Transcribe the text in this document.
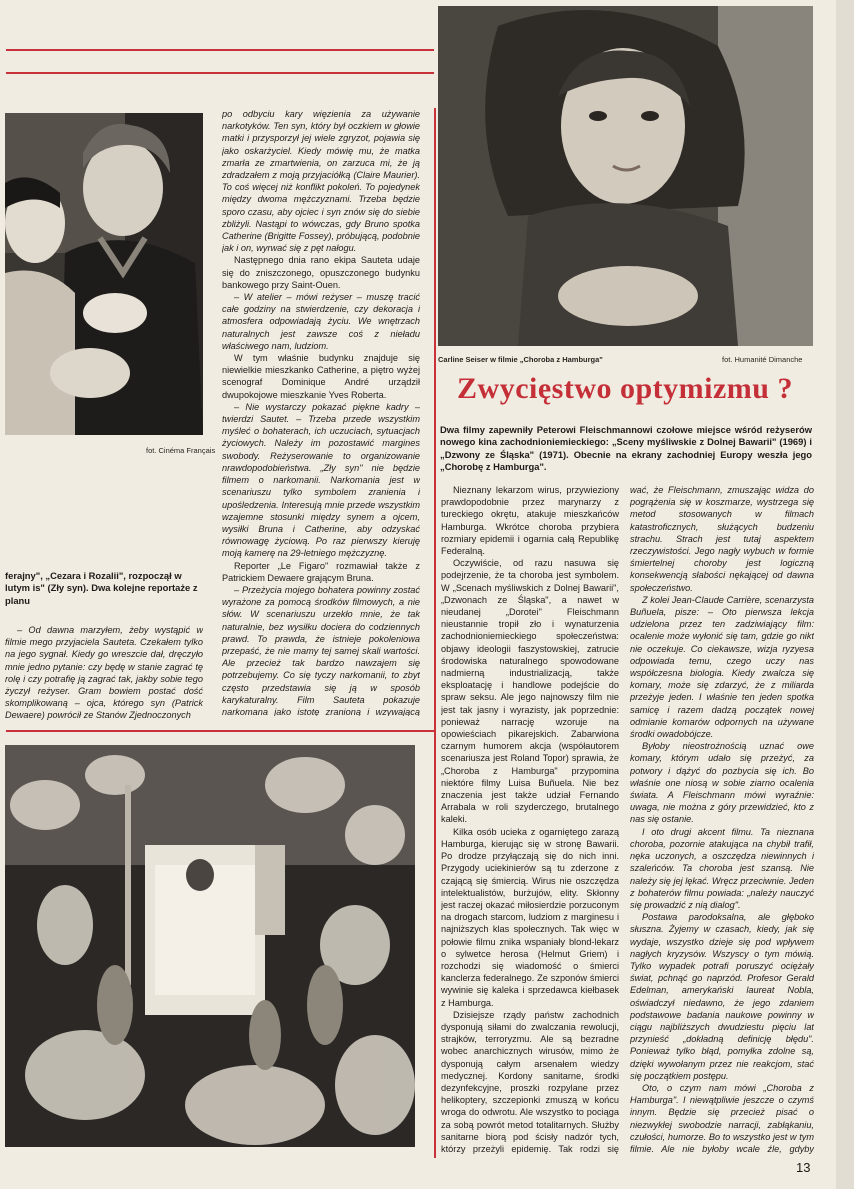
fot. Cinéma Français
ferajny", „Cezara i Rozalii", rozpoczął w lutym is" (Zły syn). Dwa kolejne reportaże z planu

– Od dawna marzyłem, żeby wystąpić w filmie mego przyjaciela Sauteta. Czekałem tylko na jego sygnał. Kiedy go wreszcie dał, dręczyło mnie jedno pytanie: czy będę w stanie zagrać tę rolę i czy potrafię ją zagrać tak, jakby sobie tego życzył reżyser. Gram bowiem postać dość skomplikowaną – ojca, którego syn (Patrick Dewaere) powrócił ze Stanów Zjednoczonych

po odbyciu kary więzienia za używanie narkotyków. Ten syn, który był oczkiem w głowie matki i przysporzył jej wiele zgryzot, pojawia się jako oskarżyciel. Kiedy mówię mu, że matka zmarła ze zmartwienia, on zarzuca mi, że ją zdradzałem z moją przyjaciółką (Claire Maurier). To coś więcej niż konflikt pokoleń. To pojedynek między dwoma mężczyznami. Trzeba będzie sporo czasu, aby ojciec i syn znów się do siebie zbliżyli. Nastąpi to wówczas, gdy Bruno spotka Catherine (Brigitte Fossey), próbującą, podobnie jak i on, wyrwać się z pęt nałogu.

Następnego dnia rano ekipa Sauteta udaje się do zniszczonego, opuszczonego budynku bankowego przy Saint-Ouen.

– W atelier – mówi reżyser – muszę tracić całe godziny na stwierdzenie, czy dekoracja i atmosfera odpowiadają życiu. We wnętrzach naturalnych jest zawsze coś z nieładu właściwego nam, ludziom.

W tym właśnie budynku znajduje się niewielkie mieszkanko Catherine, a piętro wyżej scenograf Dominique André urządził dwupokojowe mieszkanie Yves Roberta.

– Nie wystarczy pokazać piękne kadry – twierdzi Sautet. – Trzeba przede wszystkim myśleć o bohaterach, ich uczuciach, sytuacjach życiowych. Należy im pozostawić margines swobody. Reżyserowanie to organizowanie nrawdopodobieństwa. „Zły syn" nie będzie filmem o narkomanii. Narkomania jest w scenariuszu tylko symbolem zranienia i upośledzenia. Interesują mnie przede wszystkim wzajemne stosunki między synem a ojcem, wysiłki Bruna i Catherine, aby odzyskać równowagę życiową. Po raz pierwszy kieruję moją kamerę na 29-letniego mężczyznę.

Reporter „Le Figaro" rozmawiał także z Patrickiem Dewaere grającym Bruna.

– Przeżycia mojego bohatera powinny zostać wyrażone za pomocą środków filmowych, a nie słów. W scenariuszu urzekło mnie, że tak naturalnie, bez wysiłku dociera do codziennych prawd. To prawda, że istnieje pokoleniowa przepaść, że nie mamy tej samej skali wartości. Ale przecież tak bardzo nawzajem się potrzebujemy. Co się tyczy narkomanii, to zbyt często przedstawia się ją w sposób karykaturalny. Film Sauteta pokazuje narkomana jako istotę zranioną i wzywającą

Carline Seiser w filmie „Choroba z Hamburga"	fot. Humanité Dimanche
Zwycięstwo optymizmu ?
Dwa filmy zapewniły Peterowi Fleischmannowi czołowe miejsce wśród reżyserów nowego kina zachodnioniemieckiego: „Sceny myśliwskie z Dolnej Bawarii" (1969) i „Dzwony ze Śląska" (1971). Obecnie na ekrany zachodniej Europy weszła jego „Chorobę z Hamburga".

Nieznany lekarzom wirus, przywieziony prawdopodobnie przez marynarzy z tureckiego okrętu, atakuje mieszkańców Hamburga. Wkrótce choroba przybiera rozmiary epidemii i ogarnia całą Republikę Federalną.

Oczywiście, od razu nasuwa się podejrzenie, że ta choroba jest symbolem. W „Scenach myśliwskich z Dolnej Bawarii", „Dzwonach ze Śląska", a nawet w nieudanej „Dorotei" Fleischmann nieustannie tropił zło i wynaturzenia zachodnioniemieckiego społeczeństwa: objawy ideologii faszystowskiej, zatrucie środowiska naturalnego spowodowane nadmierną industrializacją, także eksploatację i handlowe podejście do spraw seksu. Ale jego najnowszy film nie jest tak jasny i wyrazisty, jak poprzednie: ponieważ narrację wzoruje na opowieściach pikarejskich. Zabarwiona czarnym humorem akcja (współautorem scenariusza jest Roland Topor) sprawia, że „Choroba z Hamburga" przypomina niektóre filmy Luisa Buñuela. Nie bez znaczenia jest także udział Fernando Arrabala w roli szyderczego, brutalnego kaleki.

Kilka osób ucieka z ogarniętego zarazą Hamburga, kierując się w stronę Bawarii. Po drodze przyłączają się do nich inni. Przygody uciekinierów są tu zderzone z czającą się śmiercią. Wirus nie oszczędza intelektualistów, burżujów, elity. Skłonny jest raczej okazać miłosierdzie porzuconym na drogach starcom, ludziom z marginesu i najniższych klas społecznych. Tak więc w połowie filmu znika wspaniały blond-lekarz o sylwetce herosa (Helmut Griem) i rozchodzi się wiadomość o śmierci kanclerza federalnego. Ze szponów śmierci wywinie się kaleka i sprzedawca kiełbasek z Hamburga.

Dzisiejsze rządy państw zachodnich dysponują siłami do zwalczania rewolucji, strajków, terroryzmu. Ale są bezradne wobec anarchicznych wirusów, mimo że dysponują całym arsenałem wiedzy medycznej. Kordony sanitarne, środki dezynfekcyjne, proszki rozpylane przez helikoptery, szczepionki zmuszą w końcu wroga do odwrotu. Ale wszystko to pociąga za sobą powrót metod totalitarnych. Służby sanitarne biorą pod ścisły nadzór tych, którzy przeżyli epidemię. Tak rodzi się

wać, że Fleischmann, zmuszając widza do pogrążenia się w koszmarze, wystrzega się metod stosowanych w filmach katastroficznych, służących budzeniu strachu. Strach jest tutaj aspektem rzeczywistości. Jego nagły wybuch w formie śmiertelnej choroby jest logiczną konsekwencją słabości nękającej od dawna społeczeństwo.

Z kolei Jean-Claude Carrière, scenarzysta Buñuela, pisze: – Oto pierwsza lekcja udzielona przez ten zadziwiający film: ocalenie może wyłonić się tam, gdzie go nikt nie oczekuje. Co ciekawsze, wizja ryzyesa odpowiada temu, czego uczy nas współczesna biologia. Kiedy zwalcza się komary, może się zdarzyć, że z miliarda przeżyje jeden. I właśnie ten jeden spotka samicę i razem dadzą początek nowej odmianie komarów odpornych na używane środki owadobójcze.

Byłoby nieostrożnością uznać owe komary, którym udało się przeżyć, za potwory i dążyć do pozbycia się ich. Bo właśnie one niosą w sobie ziarno ocalenia świata. A Fleischmann mówi wyraźnie: uwaga, nie można z góry przewidzieć, kto z nas się ostanie.

I oto drugi akcent filmu. Ta nieznana choroba, pozornie atakująca na chybił trafił, nęka uczonych, a oszczędza niewinnych i szaleńców. Ta choroba jest szansą. Nie należy się jej lękać. Wręcz przeciwnie. Jeden z bohaterów filmu powiada: „należy nauczyć się prowadzić z nią dialog".

Postawa parodoksalna, ale głęboko słuszna. Żyjemy w czasach, kiedy, jak się wydaje, wszystko dzieje się pod wpływem nagłych kryzysów. Wszyscy o tym mówią. Tylko wypadek potrafi poruszyć ociężały świat, pchnąć go naprzód. Profesor Gerald Edelman, amerykański laureat Nobla, oświadczył niedawno, że jego zdaniem podstawowe badania naukowe powinny w ciągu najbliższych dwudziestu pięciu lat przynieść „dokładną definicję błędu". Ponieważ tylko błąd, pomyłka zdolne są, dzięki wywołanym przez nie reakcjom, stać się początkiem postępu.

Oto, o czym nam mówi „Choroba z Hamburga". I niewątpliwie jeszcze o czymś innym. Będzie się przecież pisać o niezwykłej swobodzie narracji, zabłąkaniu, czułości, humorze. Bo to wszystko jest w tym filmie. Ale nie byłoby wcale źle, gdyby

13
